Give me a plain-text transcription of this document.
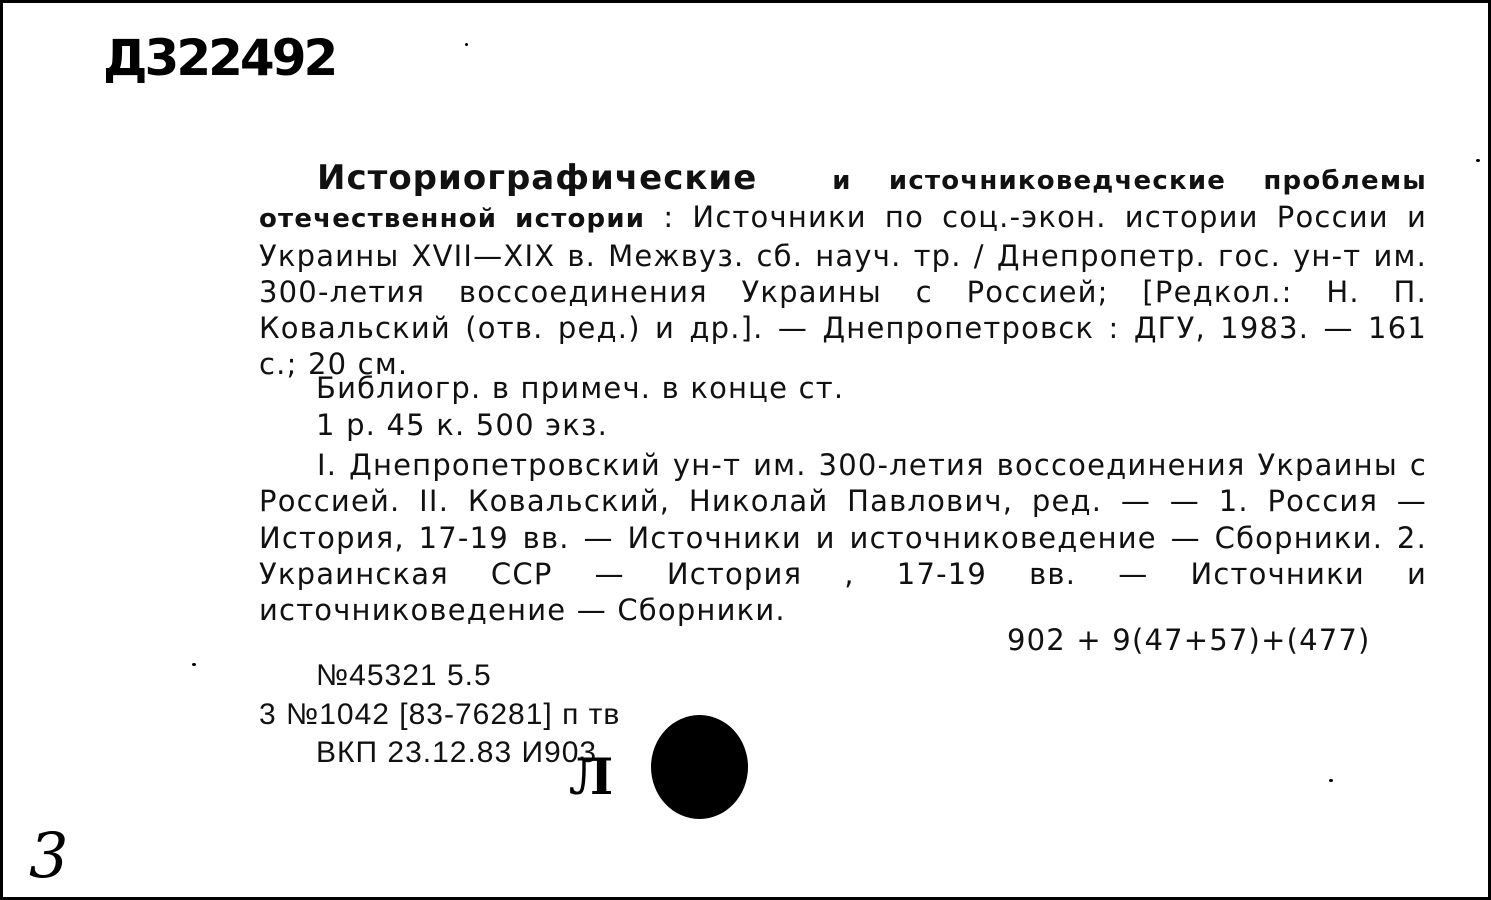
Д322492
Историографические	и источниковедческие проблемы отечественной истории : Источники по соц.-экон. истории России и Украины XVII—XIX в. Межвуз. сб. науч. тр. / Днепропетр. гос. ун-т им. 300-летия воссоединения Украины с Россией; [Редкол.: Н. П. Ковальский (отв. ред.) и др.]. — Днепропетровск : ДГУ, 1983. — 161 с.; 20 см.
Библиогр. в примеч. в конце ст.
1 р. 45 к. 500 экз.
I. Днепропетровский ун-т им. 300-летия воссоединения Украины с Россией. II. Ковальский, Николай Павлович, ред. — — 1. Россия — История, 17-19 вв. — Источники и источниковедение — Сборники. 2. Украинская ССР — История , 17-19 вв. — Источники и источниковедение — Сборники.
902 + 9(47+57)+(477)
№45321 5.5
3 №1042 [83-76281] п тв
ВКП 23.12.83 И903
Л
3
